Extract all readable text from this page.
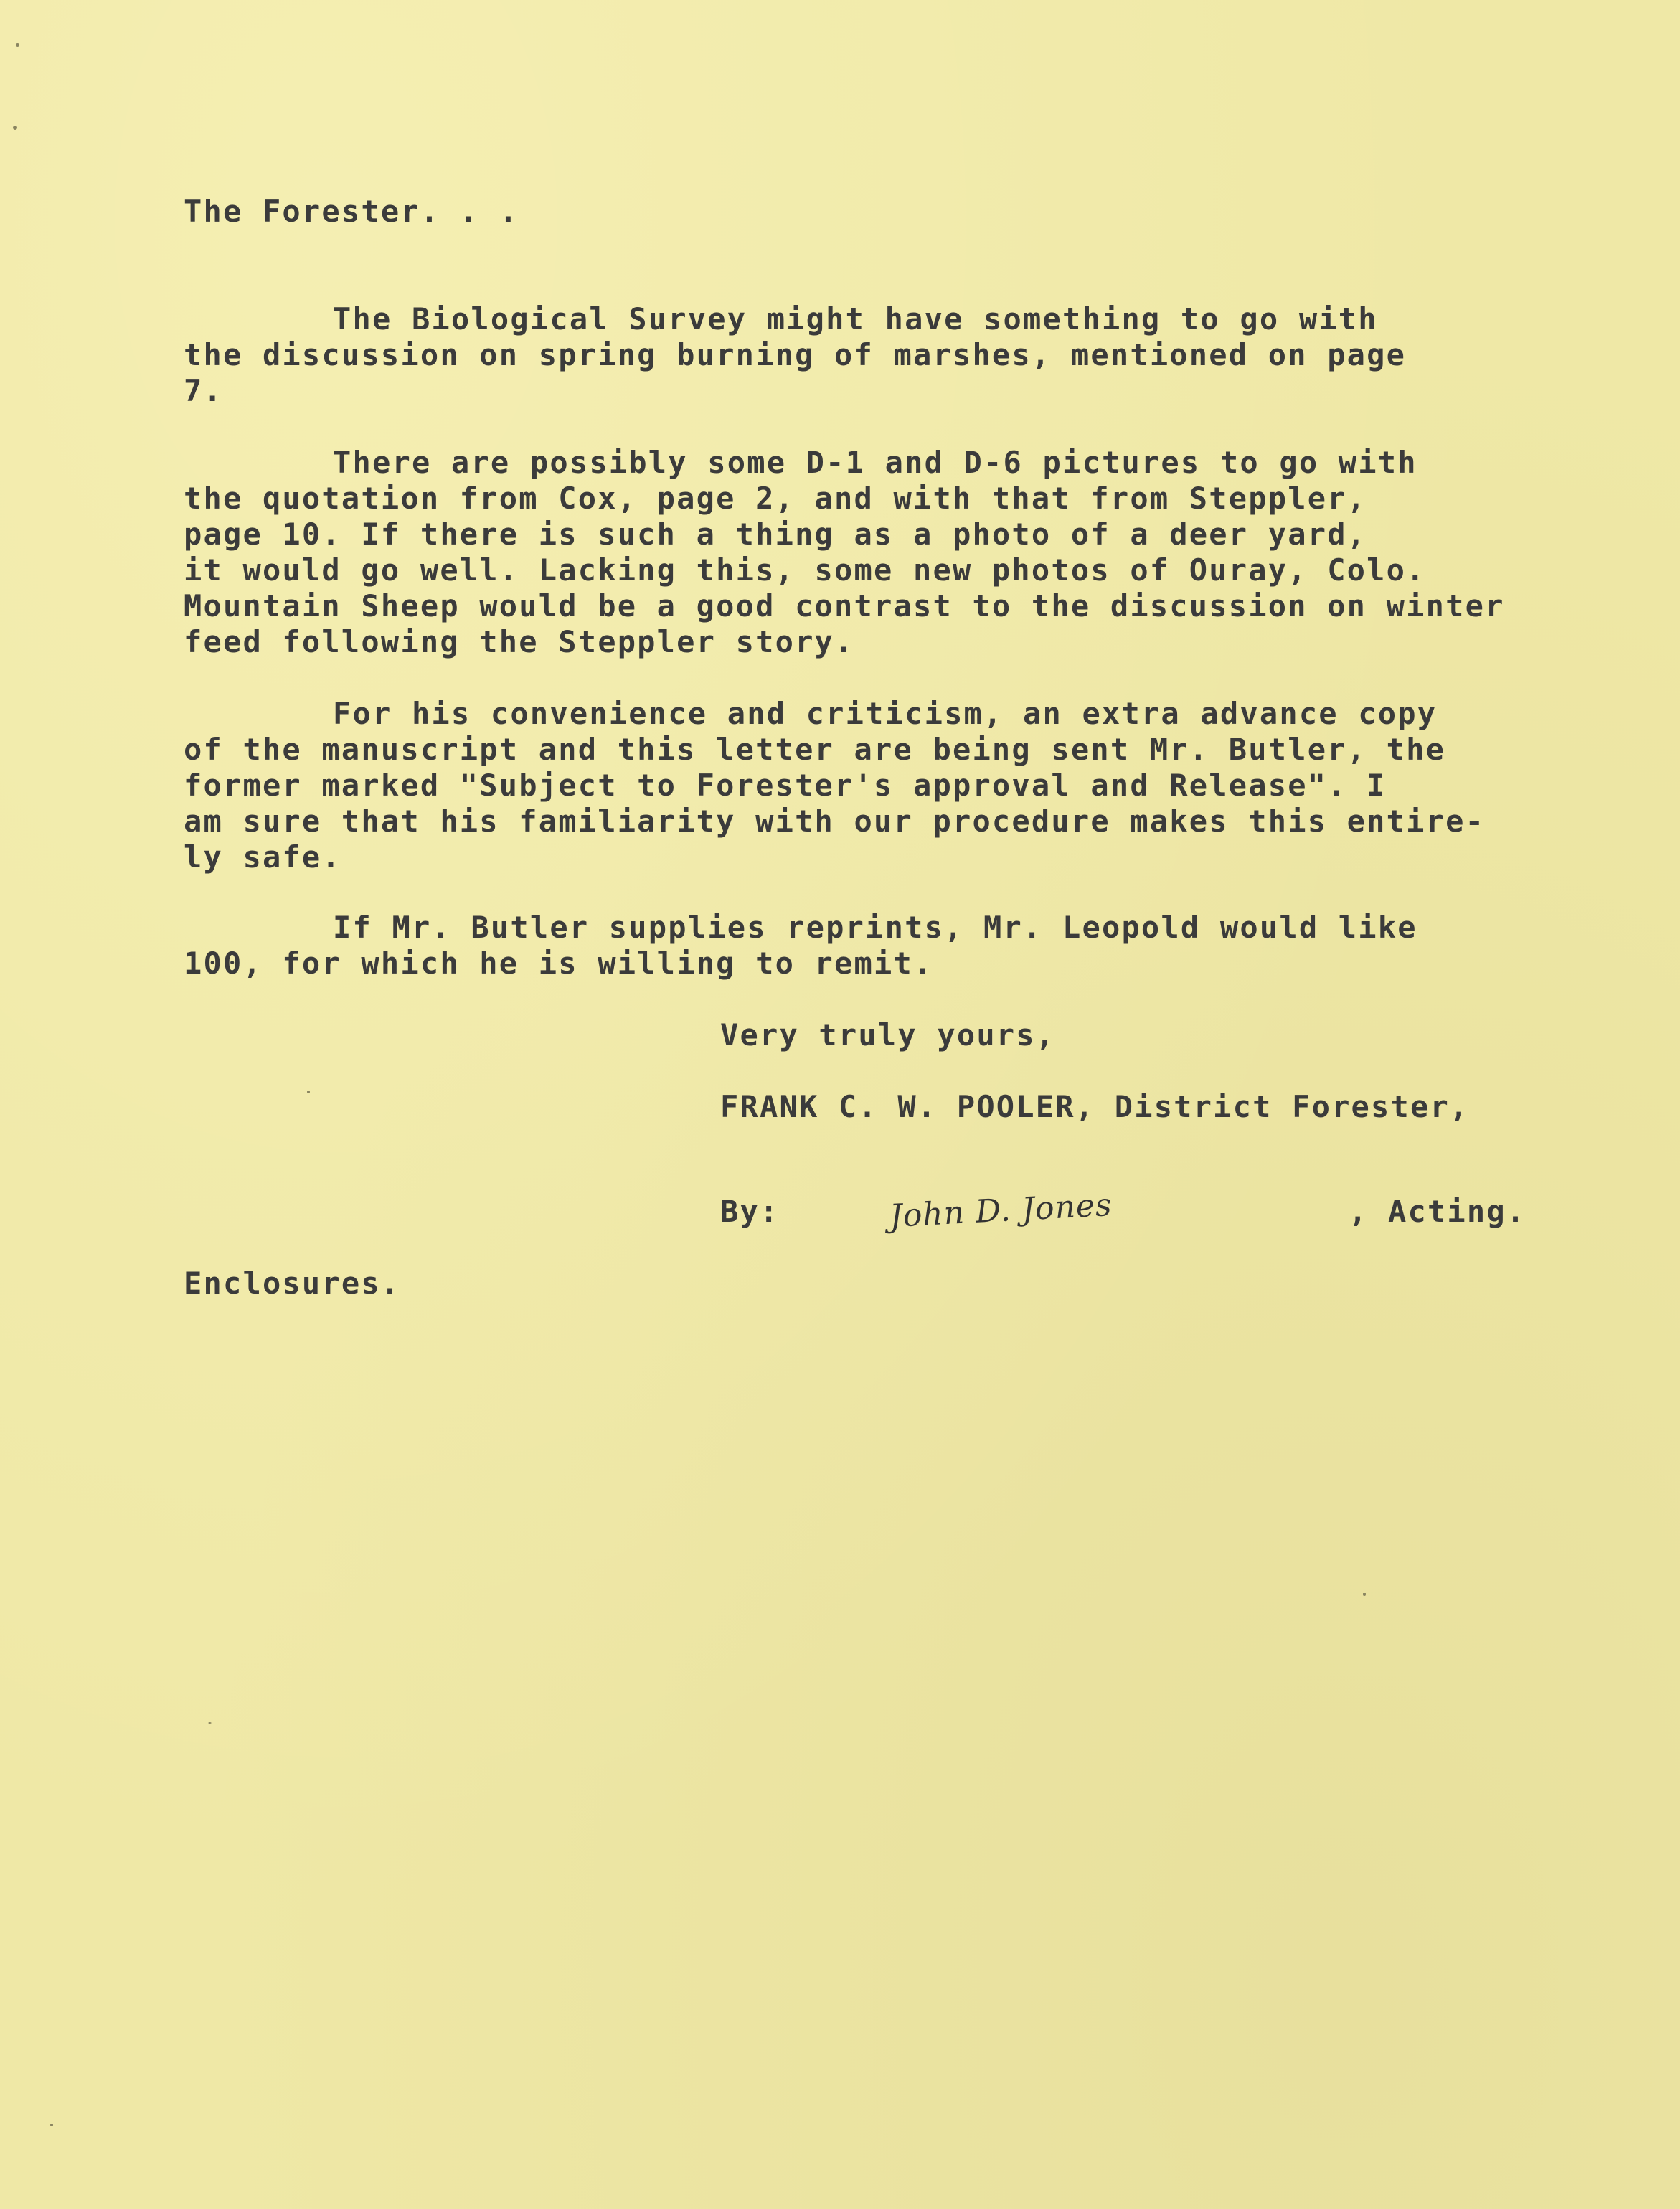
The Forester. . .
The Biological Survey might have something to go with
the discussion on spring burning of marshes, mentioned on page
7.
There are possibly some D-1 and D-6 pictures to go with
the quotation from Cox, page 2, and with that from Steppler,
page 10. If there is such a thing as a photo of a deer yard,
it would go well. Lacking this, some new photos of Ouray, Colo.
Mountain Sheep would be a good contrast to the discussion on winter
feed following the Steppler story.
For his convenience and criticism, an extra advance copy
of the manuscript and this letter are being sent Mr. Butler, the
former marked "Subject to Forester's approval and Release". I
am sure that his familiarity with our procedure makes this entire-
ly safe.
If Mr. Butler supplies reprints, Mr. Leopold would like
100, for which he is willing to remit.
Very truly yours,
FRANK C. W. POOLER, District Forester,
By:	John D. Jones	, Acting.
Enclosures.
